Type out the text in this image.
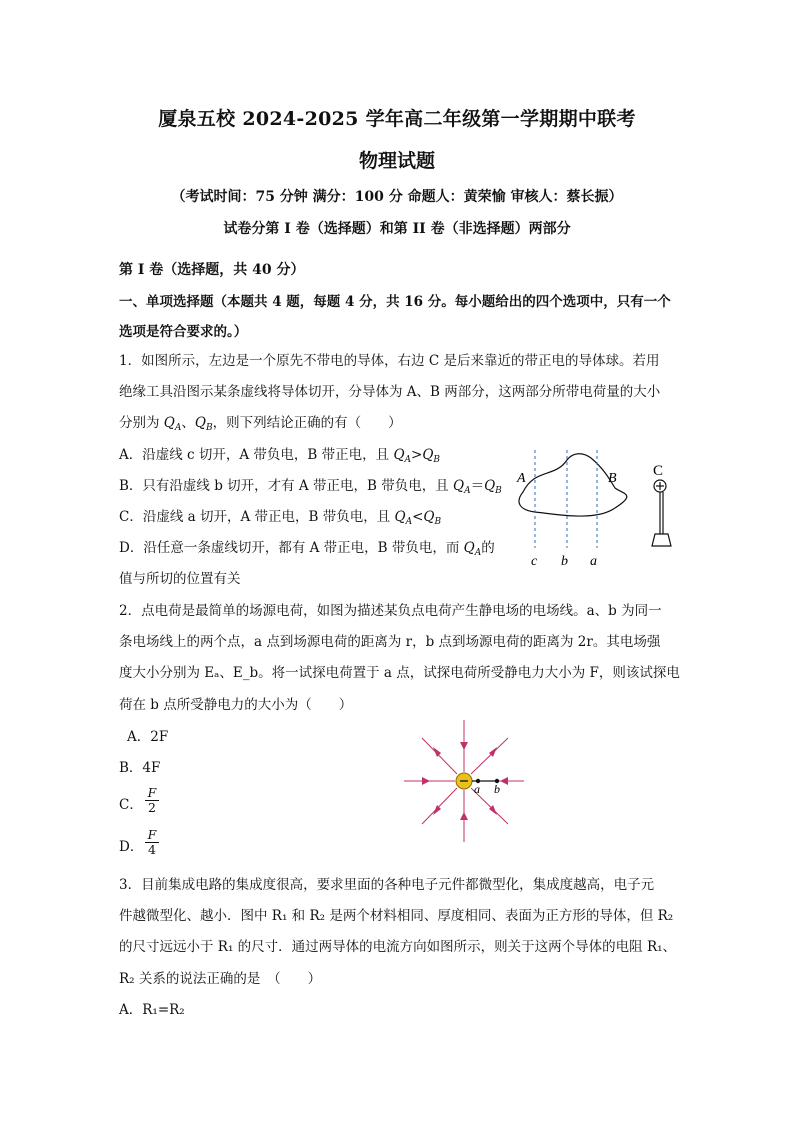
厦泉五校 2024-2025 学年高二年级第一学期期中联考
物理试题
（考试时间：75 分钟 满分：100 分 命题人：黄荣愉 审核人：蔡长振）
试卷分第 I 卷（选择题）和第 II 卷（非选择题）两部分
第 I 卷（选择题，共 40 分）
一、单项选择题（本题共 4 题，每题 4 分，共 16 分。每小题给出的四个选项中，只有一个
选项是符合要求的。）
1．如图所示，左边是一个原先不带电的导体，右边 C 是后来靠近的带正电的导体球。若用
绝缘工具沿图示某条虚线将导体切开，分导体为 A、B 两部分，这两部分所带电荷量的大小
分别为 $Q_A$、$Q_B$，则下列结论正确的有（　　）
A．沿虚线 c 切开，A 带负电，B 带正电，且 $Q_A>Q_B$
B．只有沿虚线 b 切开，才有 A 带正电，B 带负电，且 $Q_A=Q_B$
C．沿虚线 a 切开，A 带正电，B 带负电，且 $Q_A<Q_B$
D．沿任意一条虚线切开，都有 A 带正电，B 带负电，而 $Q_A$的
值与所切的位置有关
A	B
c b a
C
2．点电荷是最简单的场源电荷，如图为描述某负点电荷产生静电场的电场线。a、b 为同一
条电场线上的两个点，a 点到场源电荷的距离为 r，b 点到场源电荷的距离为 2r。其电场强
度大小分别为 Eₐ、E_b。将一试探电荷置于 a 点，试探电荷所受静电力大小为 F，则该试探电
荷在 b 点所受静电力的大小为（　　）
A．2F
B．4F
C． $\frac{F}{2}$
D． $\frac{F}{4}$
a b
3．目前集成电路的集成度很高，要求里面的各种电子元件都微型化，集成度越高，电子元
件越微型化、越小．图中 R₁ 和 R₂ 是两个材料相同、厚度相同、表面为正方形的导体，但 R₂
的尺寸远远小于 R₁ 的尺寸．通过两导体的电流方向如图所示，则关于这两个导体的电阻 R₁、
R₂ 关系的说法正确的是　（　　）
A．R₁=R₂
